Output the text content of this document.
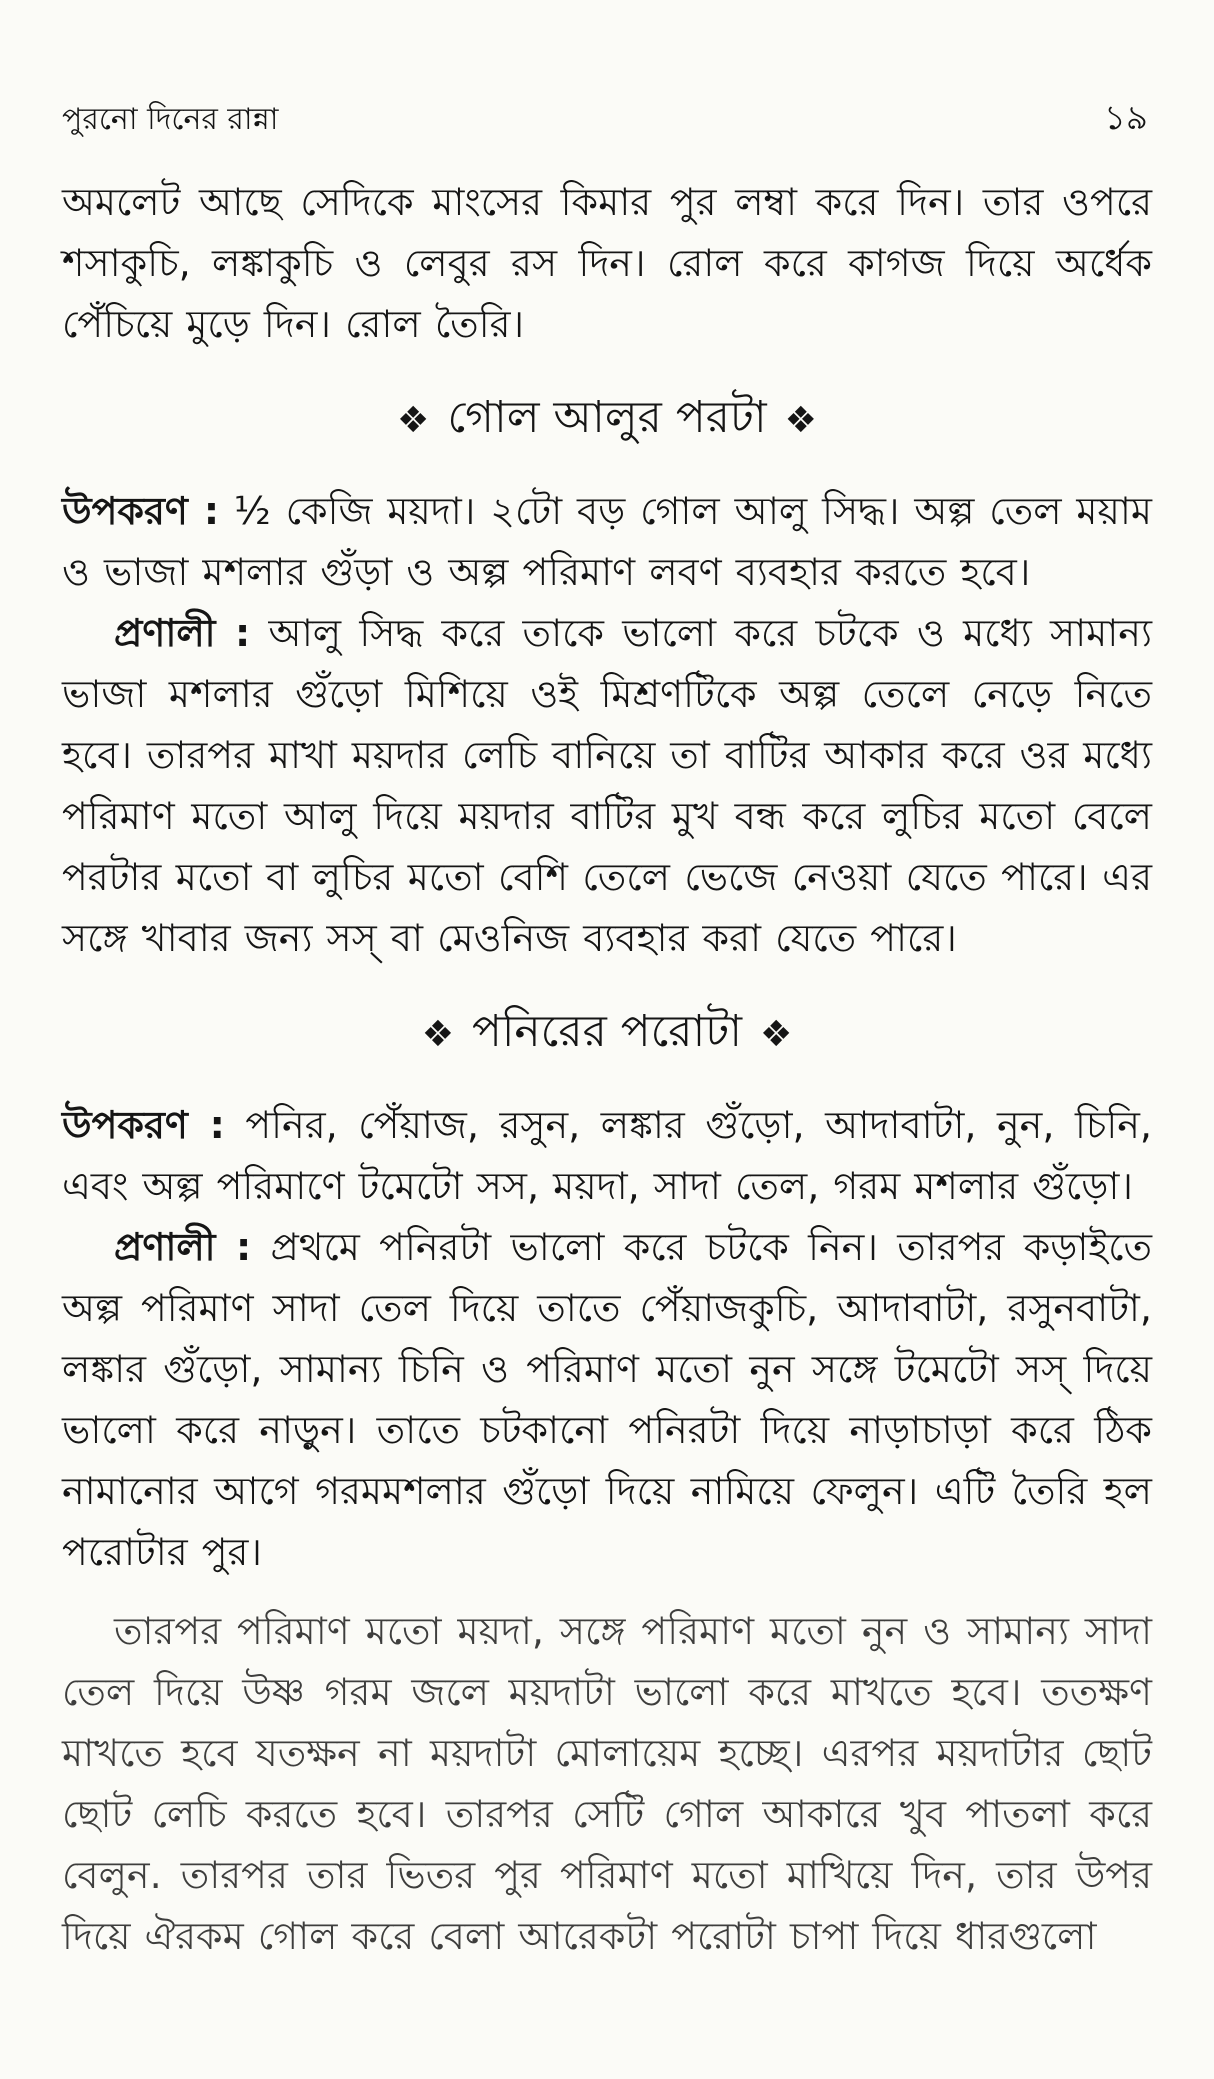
পুরনো দিনের রান্না	১৯

অমলেট আছে সেদিকে মাংসের কিমার পুর লম্বা করে দিন। তার ওপরে শসাকুচি, লঙ্কাকুচি ও লেবুর রস দিন। রোল করে কাগজ দিয়ে অর্ধেক পেঁচিয়ে মুড়ে দিন। রোল তৈরি।

❖ গোল আলুর পরটা ❖

উপকরণ : ½ কেজি ময়দা। ২টো বড় গোল আলু সিদ্ধ। অল্প তেল ময়াম ও ভাজা মশলার গুঁড়া ও অল্প পরিমাণ লবণ ব্যবহার করতে হবে।

প্রণালী : আলু সিদ্ধ করে তাকে ভালো করে চটকে ও মধ্যে সামান্য ভাজা মশলার গুঁড়ো মিশিয়ে ওই মিশ্রণটিকে অল্প তেলে নেড়ে নিতে হবে। তারপর মাখা ময়দার লেচি বানিয়ে তা বাটির আকার করে ওর মধ্যে পরিমাণ মতো আলু দিয়ে ময়দার বাটির মুখ বন্ধ করে লুচির মতো বেলে পরটার মতো বা লুচির মতো বেশি তেলে ভেজে নেওয়া যেতে পারে। এর সঙ্গে খাবার জন্য সস্ বা মেওনিজ ব্যবহার করা যেতে পারে।

❖ পনিরের পরোটা ❖

উপকরণ : পনির, পেঁয়াজ, রসুন, লঙ্কার গুঁড়ো, আদাবাটা, নুন, চিনি, এবং অল্প পরিমাণে টমেটো সস, ময়দা, সাদা তেল, গরম মশলার গুঁড়ো।

প্রণালী : প্রথমে পনিরটা ভালো করে চটকে নিন। তারপর কড়াইতে অল্প পরিমাণ সাদা তেল দিয়ে তাতে পেঁয়াজকুচি, আদাবাটা, রসুনবাটা, লঙ্কার গুঁড়ো, সামান্য চিনি ও পরিমাণ মতো নুন সঙ্গে টমেটো সস্ দিয়ে ভালো করে নাড়ুন। তাতে চটকানো পনিরটা দিয়ে নাড়াচাড়া করে ঠিক নামানোর আগে গরমমশলার গুঁড়ো দিয়ে নামিয়ে ফেলুন। এটি তৈরি হল পরোটার পুর।

তারপর পরিমাণ মতো ময়দা, সঙ্গে পরিমাণ মতো নুন ও সামান্য সাদা তেল দিয়ে উষ্ণ গরম জলে ময়দাটা ভালো করে মাখতে হবে। ততক্ষণ মাখতে হবে যতক্ষন না ময়দাটা মোলায়েম হচ্ছে। এরপর ময়দাটার ছোট ছোট লেচি করতে হবে। তারপর সেটি গোল আকারে খুব পাতলা করে বেলুন. তারপর তার ভিতর পুর পরিমাণ মতো মাখিয়ে দিন, তার উপর দিয়ে ঐরকম গোল করে বেলা আরেকটা পরোটা চাপা দিয়ে ধারগুলো
